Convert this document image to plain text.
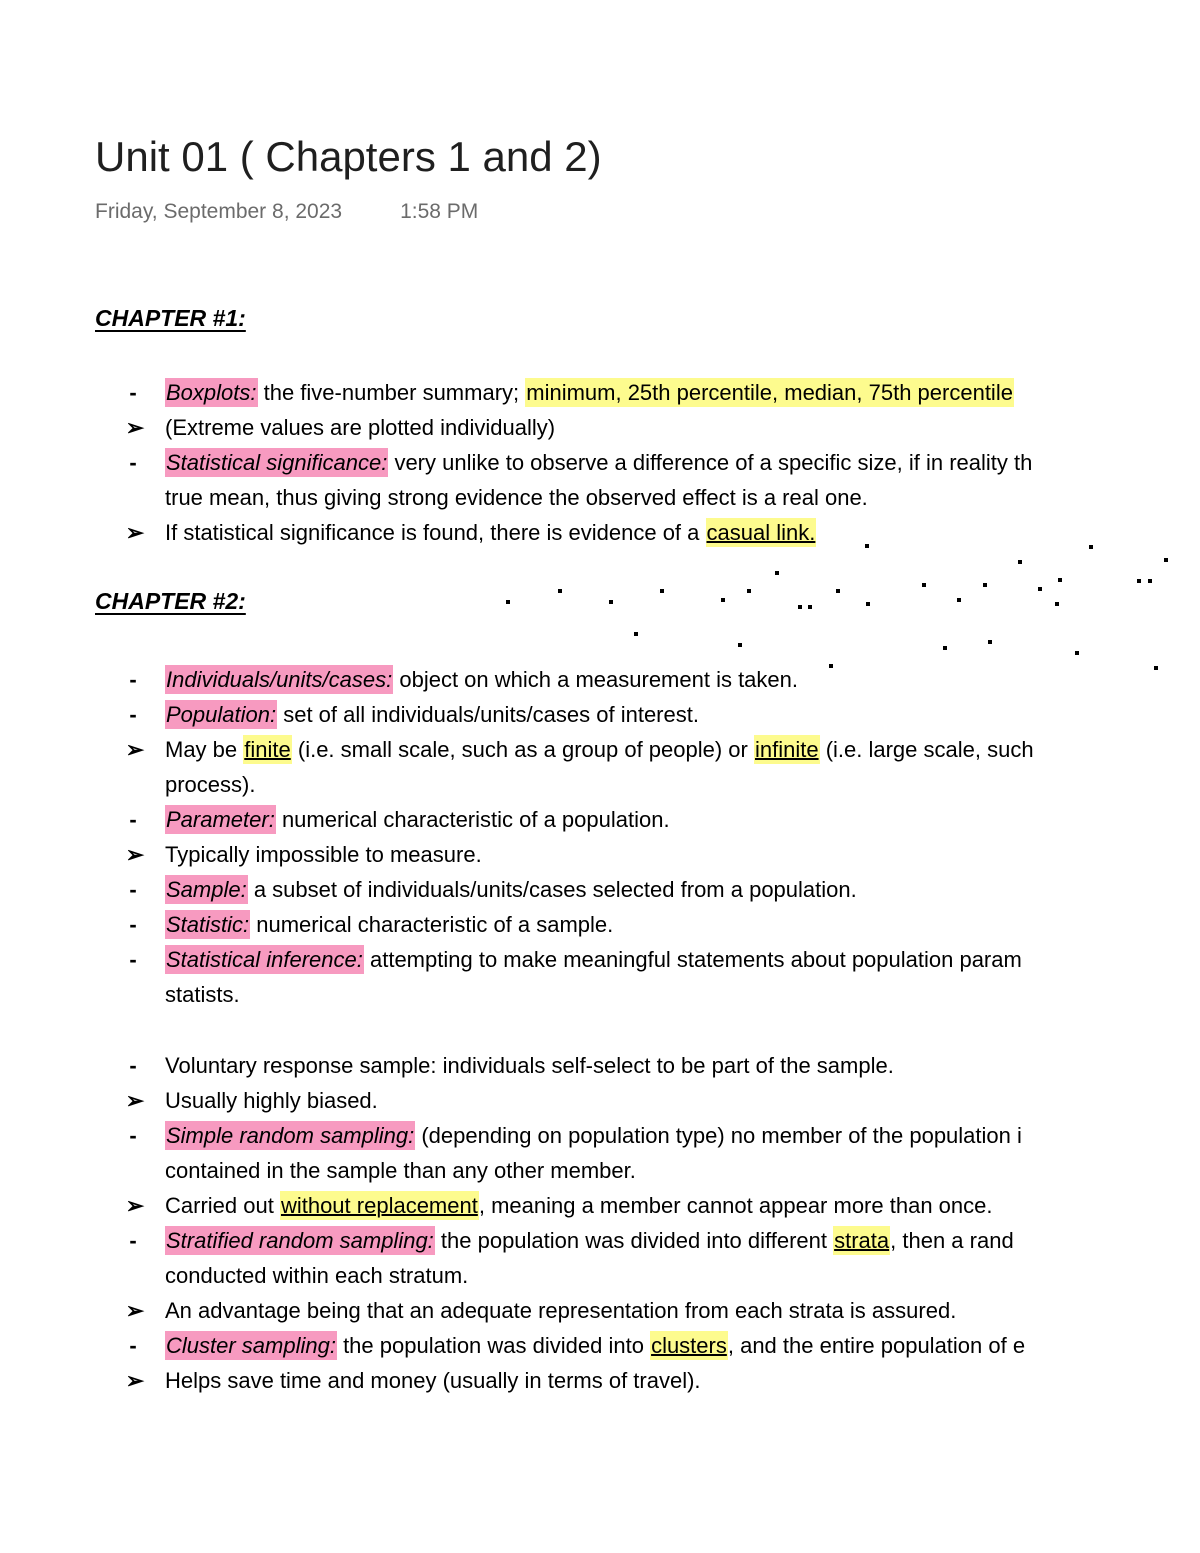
Unit 01 ( Chapters 1 and 2)
Friday, September 8, 2023	1:58 PM
CHAPTER #1:
- Boxplots: the five-number summary; minimum, 25th percentile, median, 75th percentile
➢ (Extreme values are plotted individually)
- Statistical significance: very unlike to observe a difference of a specific size, if in reality th
true mean, thus giving strong evidence the observed effect is a real one.
➢ If statistical significance is found, there is evidence of a casual link.
CHAPTER #2:
- Individuals/units/cases: object on which a measurement is taken.
- Population: set of all individuals/units/cases of interest.
➢ May be finite (i.e. small scale, such as a group of people) or infinite (i.e. large scale, such
process).
- Parameter: numerical characteristic of a population.
➢ Typically impossible to measure.
- Sample: a subset of individuals/units/cases selected from a population.
- Statistic: numerical characteristic of a sample.
- Statistical inference: attempting to make meaningful statements about population param
statists.
- Voluntary response sample: individuals self-select to be part of the sample.
➢ Usually highly biased.
- Simple random sampling: (depending on population type) no member of the population i
contained in the sample than any other member.
➢ Carried out without replacement, meaning a member cannot appear more than once.
- Stratified random sampling: the population was divided into different strata, then a rand
conducted within each stratum.
➢ An advantage being that an adequate representation from each strata is assured.
- Cluster sampling: the population was divided into clusters, and the entire population of e
➢ Helps save time and money (usually in terms of travel).
